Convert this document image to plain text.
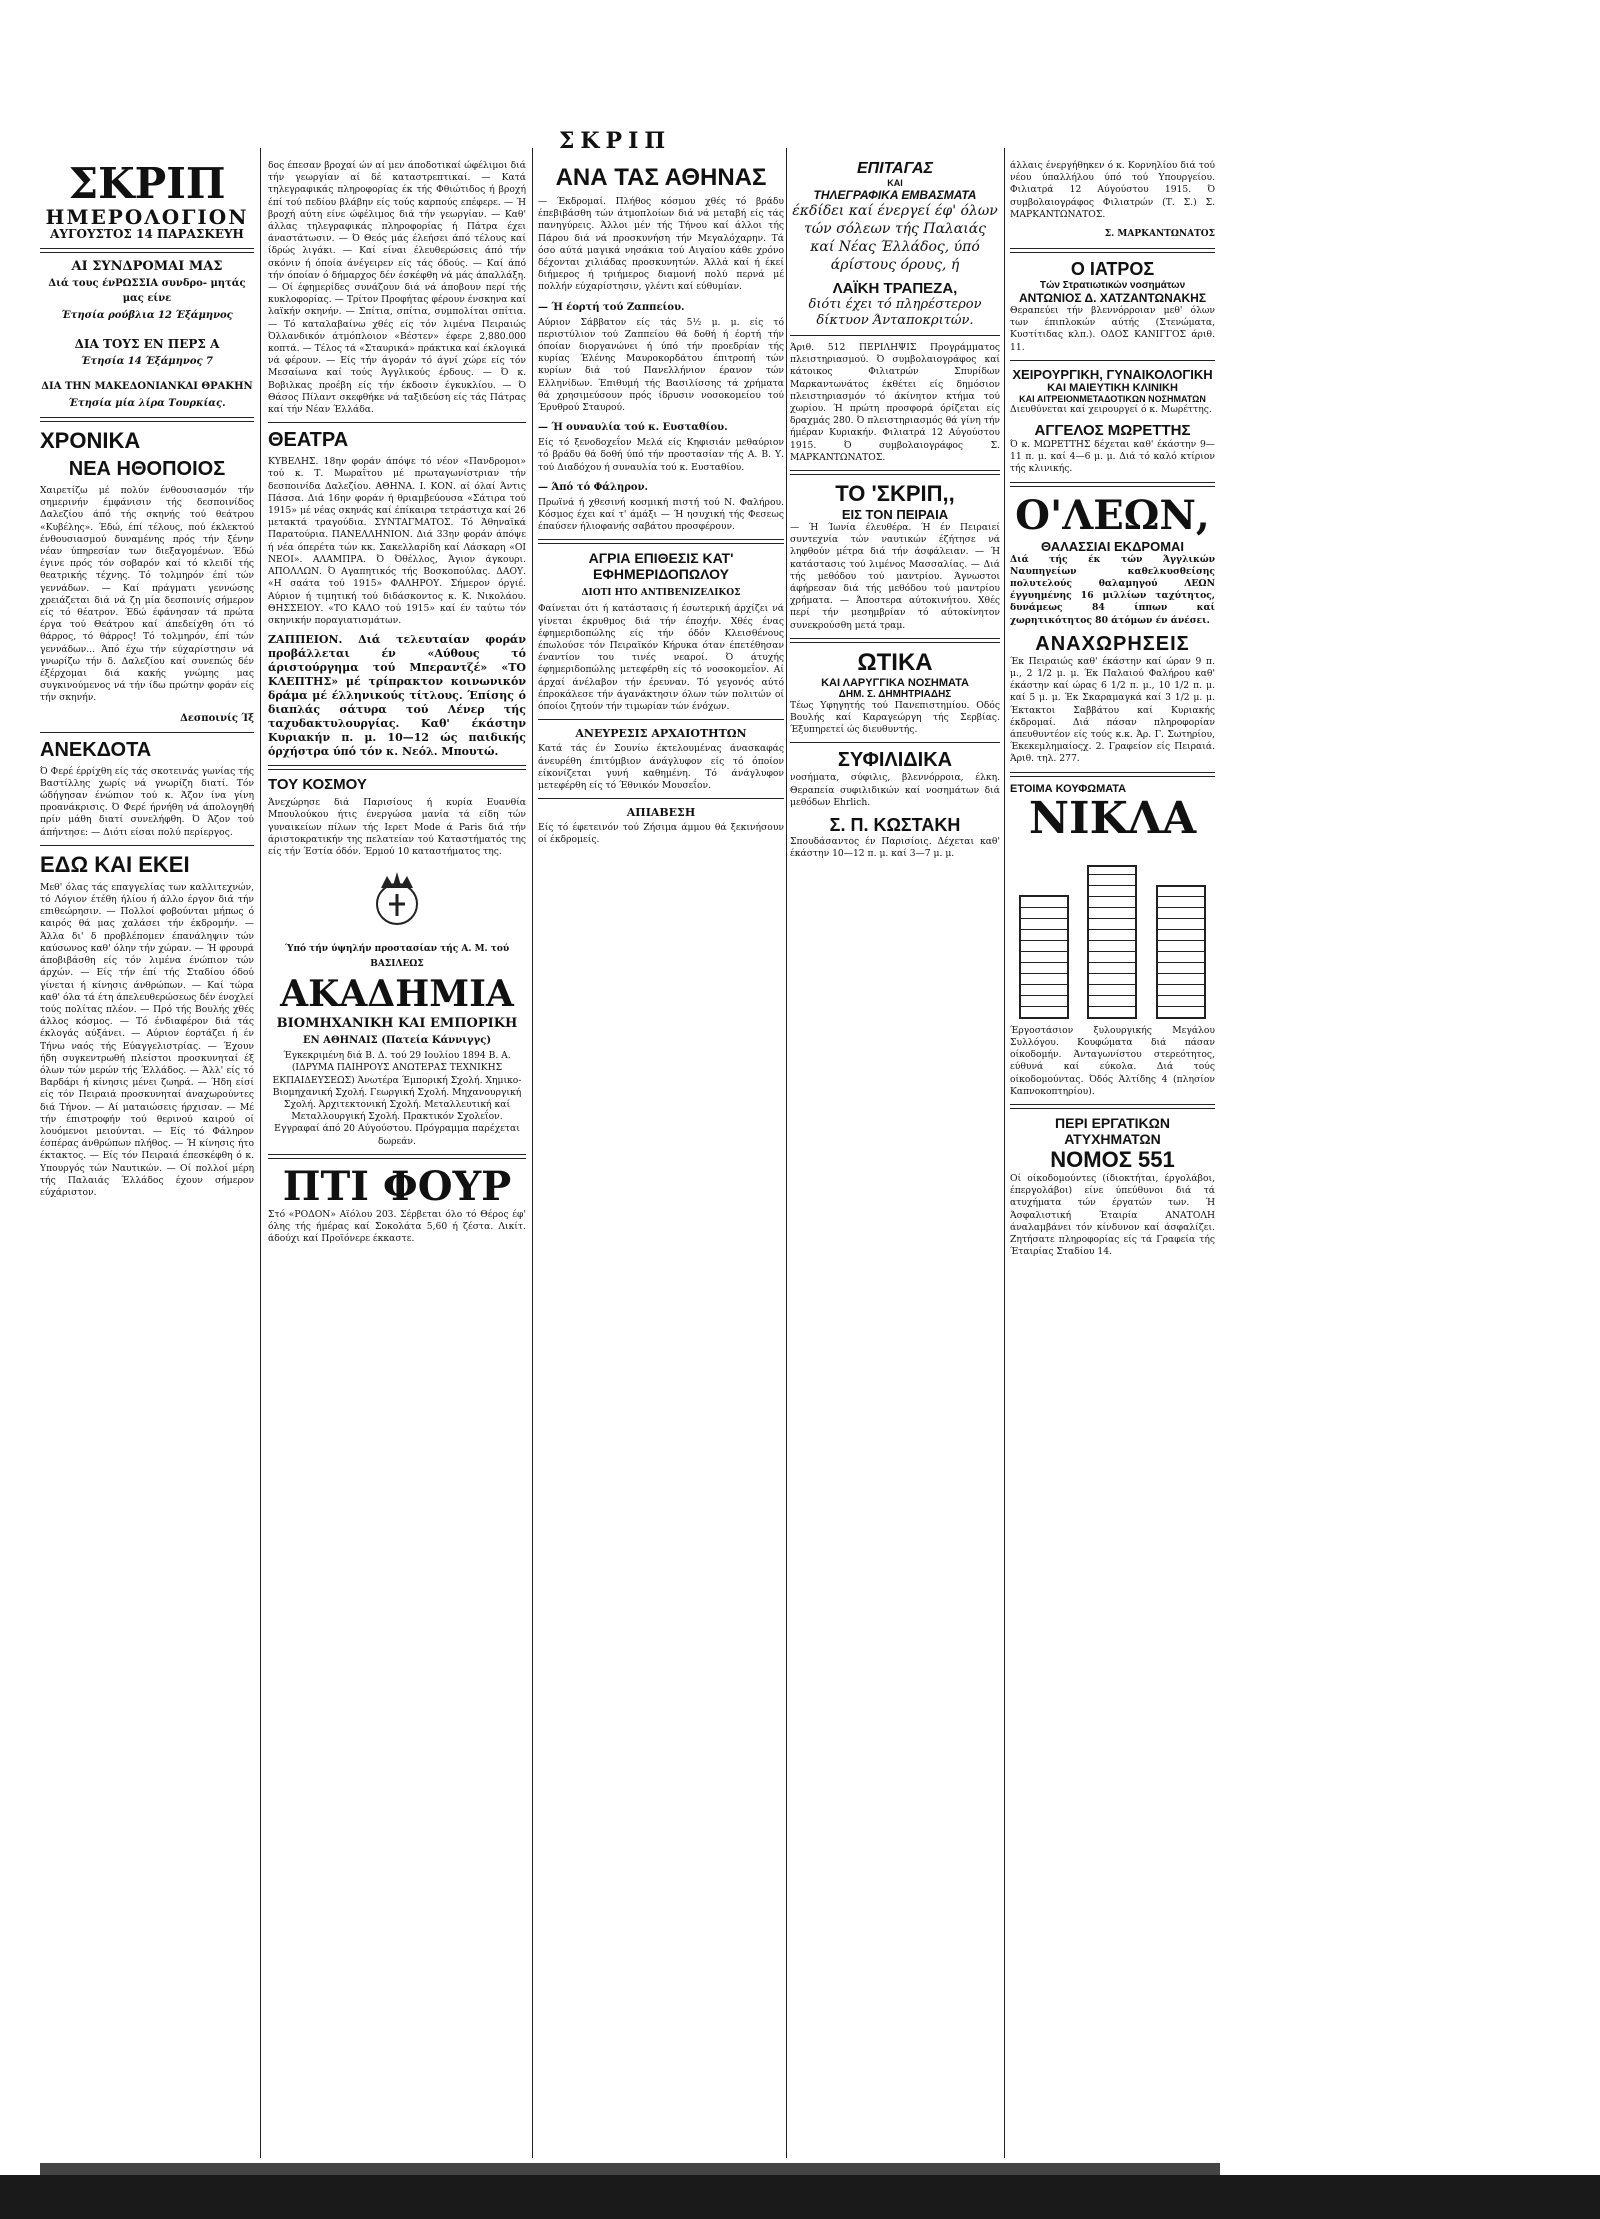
ΣΚΡΙΠ
ΣΚΡΙΠ
ΗΜΕΡΟΛΟΓΙΟΝ
ΑΥΓΟΥΣΤΟΣ 14 ΠΑΡΑΣΚΕΥΗ
ΑΙ ΣΥΝΔΡΟΜΑΙ ΜΑΣ
Διά τους ένΡΩΣΣΙΑ συνδρο- μητάς μας είνε
Έτησία ρούβλια 12 Έξάμηνος
ΔΙΑ ΤΟΥΣ ΕΝ ΠΕΡΣ Α
Έτησία 14 Έξάμηνος 7
ΔΙΑ ΤΗΝ ΜΑΚΕΔΟΝΙΑΝΚΑΙ ΘΡΑΚΗΝ
Έτησία μία λίρα Τουρκίας.
ΧΡΟΝΙΚΑ
ΝΕΑ ΗΘΟΠΟΙΟΣ

Χαιρετίζω μέ πολύν ένθουσιασμόν τήν σημερινήν έμφάνισιν τής δεσποινίδος Δαλεζίου άπό τής σκηνής τού θεάτρου «Κυβέλης». Έδώ, έπί τέλους, πού έκλεκτού ένθουσιασμού δυναμένης πρός τήν ξένην νέαν ύπηρεσίαν των διεξαγομένων. Έδώ έγινε πρός τόν σοβαρόν καί τό κλειδί τής θεατρικής τέχνης. Τό τολμηρόν έπί τών γεννάδων. — Καί πράγματι γεννώσης χρειάζεται διά νά ζη μία δεσποινίς σήμερον είς τό θέατρον. Έδώ έφάνησαν τά πρώτα έργα τού Θεάτρου καί άπεδείχθη ότι τό θάρρος, τό θάρρος! Τό τολμηρόν, έπί τών γεννάδων... Άπό έχω τήν εύχαρίστησιν νά γνωρίζω τήν δ. Δαλεζίου καί συνεπώς δέν έξέρχομαι διά κακής γνώμης μας συγκινούμενος νά τήν ίδω πρώτην φοράν είς τήν σκηνήν.

Δεσποινίς Ίξ
ΑΝΕΚΔΟΤΑ

Ό Φερέ έρρίχθη είς τάς σκοτεινάς γωνίας τής Βαστίλλης χωρίς νά γνωρίζη διατί. Τόν ώδήγησαν ένώπιον τού κ. Άζον ίνα γίνη προανάκρισις. Ό Φερέ ήρνήθη νά άπολογηθή πρίν μάθη διατί συνελήφθη. Ό Άζον τού άπήντησε: — Διότι είσαι πολύ περίεργος.

ΕΔΩ ΚΑΙ ΕΚΕΙ

Μεθ' όλας τάς επαγγελίας των καλλιτεχνών, τό Λόγιον έτέθη ήλίου ή άλλο έργον διά τήν επιθεώρησιν. — Πολλοί φοβούνται μήπως ό καιρός θά μας χαλάσει τήν έκδρομήν. — Άλλα δι' δ προβλέπομεν έπανάληψιν τών καύσωνος καθ' όλην τήν χώραν. — Ή φρουρά άποβιβάσθη είς τόν λιμένα ένώπιον τών άρχών. — Είς τήν έπί τής Σταδίου όδού γίνεται ή κίνησις άνθρώπων. — Καί τώρα καθ' όλα τά έτη άπελευθερώσεως δέν ένοχλεί τούς πολίτας πλέον. — Πρό τής Βουλής χθές άλλος κόσμος. — Τό ένδιαφέρον διά τάς έκλογάς αύξάνει. — Αύριον έορτάζει ή έν Τήνω ναός τής Εύαγγελιστρίας. — Έχουν ήδη συγκεντρωθή πλείστοι προσκυνηταί έξ όλων τών μερών τής Έλλάδος. — Άλλ' είς τό Βαρδάρι ή κίνησις μένει ζωηρά. — Ήδη είσί είς τόν Πειραιά προσκυνηταί άναχωρούντες διά Τήνον. — Αί ματαιώσεις ήρχισαν. — Μέ τήν έπιστροφήν τού θερινού καιρού οί λουόμενοι μειούνται. — Είς τό Φάληρον έσπέρας άνθρώπων πλήθος. — Ή κίνησις ήτο έκτακτος. — Είς τόν Πειραιά έπεσκέφθη ό κ. Υπουργός τών Ναυτικών. — Οί πολλοί μέρη τής Παλαιάς Έλλάδος έχουν σήμερον εύχάριστον.

δος έπεσαν βροχαί ών αί μεν άποδοτικαί ώφέλιμοι διά τήν γεωργίαν αί δέ καταστρεπτικαί. — Κατά τηλεγραφικάς πληροφορίας έκ τής Φθιώτιδος ή βροχή έπί τού πεδίου βλάβην είς τούς καρπούς επέφερε. — Ή βροχή αύτη είνε ώφέλιμος διά τήν γεωργίαν. — Καθ' άλλας τηλεγραφικάς πληροφορίας ή Πάτρα έχει άναστάτωσιν. — Ό Θεός μάς έλεήσει άπό τέλους καί ίδρώς λιγάκι. — Καί είναι έλευθερώσεις άπό τήν σκόνιν ή όποία άνέγειρεν είς τάς όδούς. — Καί άπό τήν όποίαν ό δήμαρχος δέν έσκέφθη νά μάς άπαλλάξη. — Οί έφημερίδες συνάζουν διά νά άποβουν περί τής κυκλοφορίας. — Τρίτον Προφήτας φέρουν ένσκηνα καί λαϊκήν σκηνήν. — Σπίτια, σπίτια, συμπολίται σπίτια. — Τό καταλαβαίνω χθές είς τόν λιμένα Πειραιώς Όλλανδικόν άτμόπλοιον «Βέστεν» έφερε 2,880.000 κοπτά. — Τέλος τά «Σταυρικά» πράκτικα καί έκλογικά νά φέρουν. — Είς τήν άγοράν τό άγνί χώρε είς τόν Μεσαίωνα καί τούς Άγγλικούς έρδους. — Ό κ. Βοβιλκας προέβη είς τήν έκδοσιν έγκυκλίου. — Ό Θάσος Πίλαντ σκεφθήκε νά ταξιδεύση είς τάς Πάτρας καί τήν Νέαν Έλλάδα.

ΘΕΑΤΡΑ

ΚΥΒΕΛΗΣ. 18ην φοράν άπόψε τό νέον «Πανδρομοι» τού κ. Τ. Μωραΐτου μέ πρωταγωνίστριαν τήν δεσποινίδα Δαλεζίου. ΑΘΗΝΑ. Ι. ΚΟΝ. αί όλαί Άντις Πάσσα. Διά 16ην φοράν ή θριαμβεύουσα «Σάτιρα τού 1915» μέ νέας σκηνάς καί έπίκαιρα τετράστιχα καί 26 μετακτά τραγούδια. ΣΥΝΤΑΓΜΑΤΟΣ. Τό Άθηναϊκά Παρατούρια. ΠΑΝΕΛΛΗΝΙΟΝ. Διά 33ην φοράν άπόψε ή νέα όπερέτα τών κκ. Σακελλαρίδη καί Λάσκαρη «ΟΙ ΝΕΟΙ». ΑΛΑΜΠΡΑ. Ό Όθέλλος, Άγιον άγκουρι. ΑΠΟΛΛΩΝ. Ό Αγαπητικός τής Βοσκοπούλας. ΔΑΟΥ. «Η σαάτα τού 1915» ΦΑΛΗΡΟΥ. Σήμερον όργιέ. Αύριον ή τιμητική τού διδάσκοντος κ. Κ. Νικολάου. ΘΗΣΣΕΙΟΥ. «ΤΟ ΚΑΛΟ τού 1915» καί έν ταύτω τόν σκηνικήν ποραγιατισμάτων.

ΖΑΠΠΕΙΟΝ. Διά τελευταίαν φοράν προβάλλεται έν «Αύθους τό άριστούργημα τού Μπεραντζέ» «ΤΟ ΚΛΕΠΤΗΣ» μέ τρίπρακτον κοινωνικόν δράμα μέ έλληνικούς τίτλους. Έπίσης ό διαπλάς σάτυρα τού Λένερ τής ταχυδακτυλουργίας. Καθ' έκάστην Κυριακήν π. μ. 10—12 ώς παιδικής όρχήστρα ύπό τόν κ. Νεόλ. Μπουτώ.

ΤΟΥ ΚΟΣΜΟΥ

Άνεχώρησε διά Παρισίους ή κυρία Ευανθία Μπουλούκου ήτις ένεργώσα μανία τά είδη τών γυναικείων πίλων τής Ιερετ Μοde ά Paris διά τήν άριστοκρατικήν της πελατείαν τού Καταστήματός της είς τήν Έστία όδόν. Έρμού 10 καταστήματος της.

Ύπό τήν ύψηλήν προστασίαν τής Α. Μ. τού ΒΑΣΙΛΕΩΣ
ΑΚΑΔΗΜΙΑ
ΒΙΟΜΗΧΑΝΙΚΗ ΚΑΙ ΕΜΠΟΡΙΚΗ
ΕΝ ΑΘΗΝΑΙΣ (Πατεία Κάννιγγς)

Έγκεκριμένη διά Β. Δ. τού 29 Ιουλίου 1894 Β. Α. (ΙΔΡΥΜΑ ΠΑΙΗΡΟΥΣ ΑΝΩΤΕΡΑΣ ΤΕΧΝΙΚΗΣ ΕΚΠΑΙΔΕΥΣΕΩΣ) Άνωτέρα Έμπορική Σχολή. Χημικο-Βιομηχανική Σχολή. Γεωργική Σχολή. Μηχανουργική Σχολή. Άρχιτεκτονική Σχολή. Μεταλλευτική καί Μεταλλουργική Σχολή. Πρακτικόν Σχολεΐον. Εγγραφαί άπό 20 Αύγούστου. Πρόγραμμα παρέχεται δωρεάν.

ΠΤΙ ΦΟΥΡ

Στό «ΡΟΔΟΝ» Αϊόλου 203. Σέρβεται όλο τό Θέρος έφ' όλης τής ήμέρας καί Σοκολάτα 5,60 ή ζέστα. Λικίτ. άδούχι καί Προϊόνερε έκκαστε.

ΑΝΑ ΤΑΣ ΑΘΗΝΑΣ

— Έκδρομαί. Πλήθος κόσμου χθές τό βράδυ έπεβιβάσθη τών άτμοπλοίων διά νά μεταβή είς τάς πανηγύρεις. Άλλοι μέν τής Τήνου καί άλλοι τής Πάρου διά νά προσκυνήση τήν Μεγαλόχαρην. Τά όσο αύτά μαγικά νησάκια τού Αιγαίου κάθε χρόνο δέχονται χιλιάδας προσκυνητών. Άλλά καί ή έκεί διήμερος ή τριήμερος διαμονή πολύ περνά μέ πολλήν εύχαρίστησιν, γλέντι καί εύθυμίαν.

— Ή έορτή τού Ζαππείου.

Αύριον Σάββατον είς τάς 5½ μ. μ. είς τό περιστύλιον τού Ζαππείου θά δοθή ή έορτή τήν όποίαν διοργανώνει ή ύπό τήν προεδρίαν τής κυρίας Έλένης Μαυροκορδάτου έπιτροπή τών κυρίων διά τού Πανελλήνιον έρανον τών Ελληνίδων. Έπιθυμή τής Βασιλίσσης τά χρήματα θά χρησιμεύσουν πρός ίδρυσιν νοσοκομείου τού Έρυθρού Σταυρού.

— Ή ουναυλία τού κ. Ευσταθίου.

Είς τό ξενοδοχεΐον Μελά είς Κηφισιάν μεθαύριον τό βράδυ θά δοθή ύπό τήν προστασίαν τής Α. Β. Υ. τού Διαδόχου ή συναυλία τού κ. Ευσταθίου.

— Άπό τό Φάληρον.

Πρωϊνά ή χθεσινή κοσμική πιστή τού Ν. Φαλήρου. Κόσμος έχει καί τ' άμάξι — Ή ησυχική τής Φεσεως έπαύσεν ήλιοφανής σαβάτου προσφέρουν.

ΑΓΡΙΑ ΕΠΙΘΕΣΙΣ ΚΑΤ' ΕΦΗΜΕΡΙΔΟΠΩΛΟΥ
ΔΙΟΤΙ ΗΤΟ ΑΝΤΙΒΕΝΙΖΕΛΙΚΟΣ

Φαίνεται ότι ή κατάστασις ή έσωτερική άρχίζει νά γίνεται έκρυθμος διά τήν έποχήν. Χθές ένας έφημεριδοπώλης είς τήν όδόν Κλεισθένους έπωλούσε τόν Πειραϊκόν Κήρυκα όταν έπετέθησαν έναντίον του τινές νεαροί. Ό άτυχής έφημεριδοπώλης μετεφέρθη είς τό νοσοκομεΐον. Αί άρχαί άνέλαβον τήν έρευναν. Τό γεγονός αύτό έπροκάλεσε τήν άγανάκτησιν όλων τών πολιτών οί όποίοι ζητούν τήν τιμωρίαν τών ένόχων.

ΑΝΕΥΡΕΣΙΣ ΑΡΧΑΙΟΤΗΤΩΝ

Κατά τάς έν Σουνίω έκτελουμένας άνασκαφάς άνευρέθη έπιτύμβιον άνάγλυφον είς τό όποίον είκονίζεται γυνή καθημένη. Τό άνάγλυφον μετεφέρθη είς τό Έθνικόν Μουσεΐον.

ΑΠΙΑΒΕΣΗ

Είς τό έφετεινόν τού Ζήσιμα άμμου θά ξεκινήσουν οί έκδρομείς.

ΕΠΙΤΑΓΑΣ
ΚΑΙ
ΤΗΛΕΓΡΑΦΙΚΑ ΕΜΒΑΣΜΑΤΑ

έκδίδει καί ένεργεί έφ' όλων τών σόλεων τής Παλαιάς καί Νέας Έλλάδος, ύπό άρίστους όρους, ή

ΛΑΪΚΗ ΤΡΑΠΕΖΑ,

διότι έχει τό πληρέστερον δίκτυον Άνταποκριτών.

Άριθ. 512 ΠΕΡΙΛΗΨΙΣ Προγράμματος πλειστηριασμού. Ό συμβολαιογράφος καί κάτοικος Φιλιατρών Σπυρίδων Μαρκαντωνάτος έκθέτει είς δημόσιον πλειστηριασμόν τό άκίνητον κτήμα τού χωρίου. Ή πρώτη προσφορά όρίζεται είς δραχμάς 280. Ό πλειστηριασμός θά γίνη τήν ήμέραν Κυριακήν. Φιλιατρά 12 Αύγούστου 1915. Ό συμβολαιογράφος Σ. ΜΑΡΚΑΝΤΩΝΑΤΟΣ.

ΤΟ 'ΣΚΡΙΠ,,
ΕΙΣ ΤΟΝ ΠΕΙΡΑΙΑ

— Ή Ίωνία έλευθέρα. Ή έν Πειραιεί συντεχνία τών ναυτικών έζήτησε νά ληφθούν μέτρα διά τήν άσφάλειαν. — Ή κατάστασις τού λιμένος Μασσαλίας. — Διά τής μεθόδου τού μαντρίου. Άγνωστοι άφήρεσαν διά τής μεθόδου τού μαντρίου χρήματα. — Άποστερα αύτοκινήτου. Χθές περί τήν μεσημβρίαν τό αύτοκίνητον συνεκρούσθη μετά τραμ.

ΩΤΙΚΑ
ΚΑΙ ΛΑΡΥΓΓΙΚΑ ΝΟΣΗΜΑΤΑ
ΔΗΜ. Σ. ΔΗΜΗΤΡΙΑΔΗΣ

Τέως Υφηγητής τού Πανεπιστημίου. Οδός Βουλής καί Καραγεώργη τής Σερβίας. Έξυπηρετεί ώς διευθυντής.

ΣΥΦΙΛΙΔΙΚΑ

νοσήματα, σύφιλις, βλεννόρροια, έλκη. Θεραπεία συφιλιδικών καί νοσημάτων διά μεθόδων Ehrlich.

Σ. Π. ΚΩΣΤΑΚΗ

Σπουδάσαντος έν Παρισίοις. Δέχεται καθ' έκάστην 10—12 π. μ. καί 3—7 μ. μ.

άλλαις ένεργήθηκεν ό κ. Κορνηλίου διά τού νέου ύπαλλήλου ύπό τού Υπουργείου. Φιλιατρά 12 Αύγούστου 1915. Ό συμβολαιογράφος Φιλιατρών (Τ. Σ.) Σ. ΜΑΡΚΑΝΤΩΝΑΤΟΣ.

Σ. ΜΑΡΚΑΝΤΩΝΑΤΟΣ
Ο ΙΑΤΡΟΣ
Τών Στρατιωτικών νοσημάτων
ΑΝΤΩΝΙΟΣ Δ. ΧΑΤΖΑΝΤΩΝΑΚΗΣ

Θεραπεύει τήν βλεννόρροιαν μεθ' όλων των έπιπλοκών αύτής (Στενώματα, Κυστίτιδας κλπ.). ΟΔΟΣ ΚΑΝΙΓΓΟΣ άριθ. 11.

ΧΕΙΡΟΥΡΓΙΚΗ, ΓΥΝΑΙΚΟΛΟΓΙΚΗ
ΚΑΙ ΜΑΙΕΥΤΙΚΗ ΚΛΙΝΙΚΗ
ΚΑΙ ΑΙΤΡΕΙΟΝΜΕΤΑΔΟΤΙΚΩΝ ΝΟΣΗΜΑΤΩΝ

Διευθύνεται καί χειρουργεί ό κ. Μωρέττης.

ΑΓΓΕΛΟΣ ΜΩΡΕΤΤΗΣ

Ό κ. ΜΩΡΕΤΤΗΣ δέχεται καθ' έκάστην 9—11 π. μ. καί 4—6 μ. μ. Διά τό καλό κτίριον τής κλινικής.

Ο'ΛΕΩΝ,
ΘΑΛΑΣΣΙΑΙ ΕΚΔΡΟΜΑΙ

Διά τής έκ τών Άγγλικών Ναυπηγείων καθελκυσθείσης πολυτελούς θαλαμηγού ΛΕΩΝ έγγυημένης 16 μιλλίων ταχύτητος, δυνάμεως 84 ίππων καί χωρητικότητος 80 άτόμων έν άνέσει.

ΑΝΑΧΩΡΗΣΕΙΣ

Έκ Πειραιώς καθ' έκάστην καί ώραν 9 π. μ., 2 1/2 μ. μ. Έκ Παλαιού Φαλήρου καθ' έκάστην καί ώρας 6 1/2 π. μ., 10 1/2 π. μ. καί 5 μ. μ. Έκ Σκαραμαγκά καί 3 1/2 μ. μ. Έκτακτοι Σαββάτου καί Κυριακής έκδρομαί. Διά πάσαν πληροφορίαν άπευθυντέον είς τούς κ.κ. Άρ. Γ. Σωτηρίου, Έκεκεμλημαίοςχ. 2. Γραφείον είς Πειραιά. Άριθ. τηλ. 277.

ΕΤΟΙΜΑ ΚΟΥΦΩΜΑΤΑ
ΝΙΚΛΑ

Έργοστάσιον ξυλουργικής Μεγάλου Συλλόγου. Κουφώματα διά πάσαν οίκοδομήν. Άνταγωνίστου στερεότητος, εύθυνά καί εύκολα. Διά τούς οίκοδομούντας. Όδός Άλτίδης 4 (πλησίον Καπνοκοπτηρίου).

ΠΕΡΙ ΕΡΓΑΤΙΚΩΝ ΑΤΥΧΗΜΑΤΩΝ
ΝΟΜΟΣ 551

Οί οίκοδομούντες (ίδιοκτήται, έργολάβοι, έπεργολάβοι) είνε ύπεύθυνοι διά τά ατυχήματα τών έργατών των. Ή Άσφαλιστική Έταιρία ΑΝΑΤΟΛΗ άναλαμβάνει τόν κίνδυνον καί άσφαλίζει. Ζητήσατε πληροφορίας είς τά Γραφεία τής Έταιρίας Σταδίου 14.
